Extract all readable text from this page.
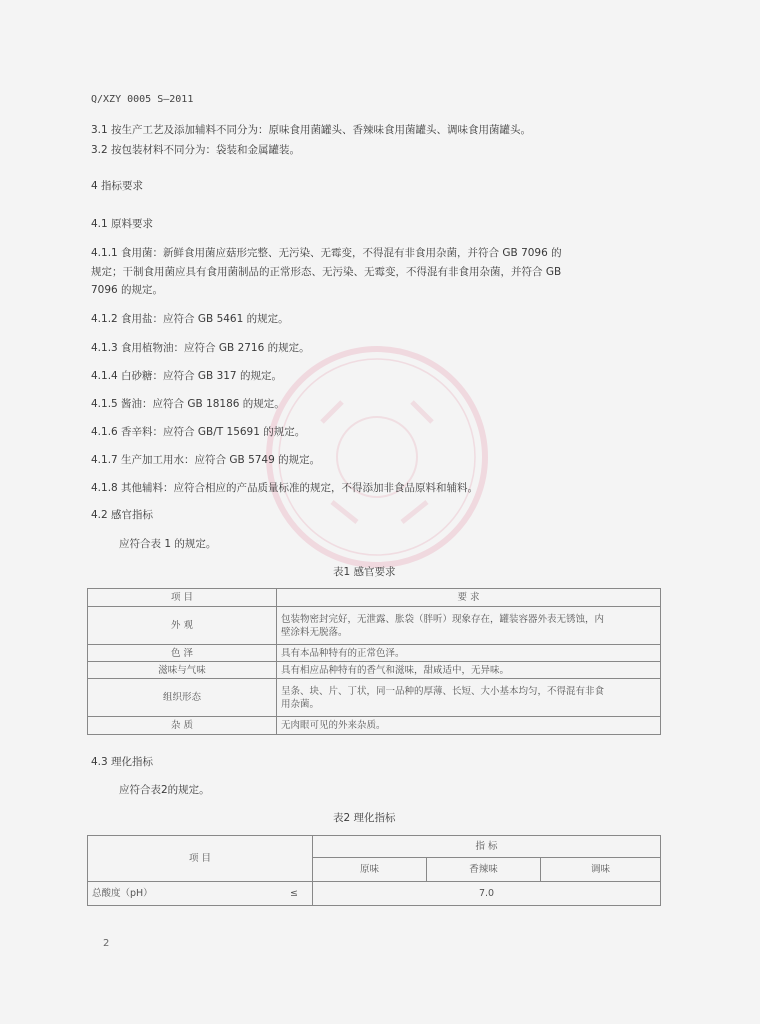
Q/XZY 0005 S—2011
3.1 按生产工艺及添加辅料不同分为：原味食用菌罐头、香辣味食用菌罐头、调味食用菌罐头。
3.2 按包装材料不同分为：袋装和金属罐装。
4 指标要求
4.1 原料要求
4.1.1 食用菌：新鲜食用菌应菇形完整、无污染、无霉变，不得混有非食用杂菌，并符合 GB 7096 的
规定；干制食用菌应具有食用菌制品的正常形态、无污染、无霉变，不得混有非食用杂菌，并符合 GB
7096 的规定。
4.1.2 食用盐：应符合 GB 5461 的规定。
4.1.3 食用植物油：应符合 GB 2716 的规定。
4.1.4 白砂糖：应符合 GB 317 的规定。
4.1.5 酱油：应符合 GB 18186 的规定。
4.1.6 香辛料：应符合 GB/T 15691 的规定。
4.1.7 生产加工用水：应符合 GB 5749 的规定。
4.1.8 其他辅料：应符合相应的产品质量标准的规定，不得添加非食品原料和辅料。
4.2 感官指标
应符合表 1 的规定。
表1 感官要求
项 目	要 求
外 观	包装物密封完好，无泄露、胀袋（胖听）现象存在，罐装容器外表无锈蚀，内
壁涂料无脱落。

色 泽	具有本品种特有的正常色泽。
滋味与气味	具有相应品种特有的香气和滋味，甜咸适中，无异味。
组织形态	呈条、块、片、丁状，同一品种的厚薄、长短、大小基本均匀，不得混有非食
用杂菌。

杂 质	无肉眼可见的外来杂质。
4.3 理化指标
应符合表2的规定。
表2 理化指标
项 目		指 标		
		原味	香辣味	调味
总酸度（pH）	≤	7.0		
2
